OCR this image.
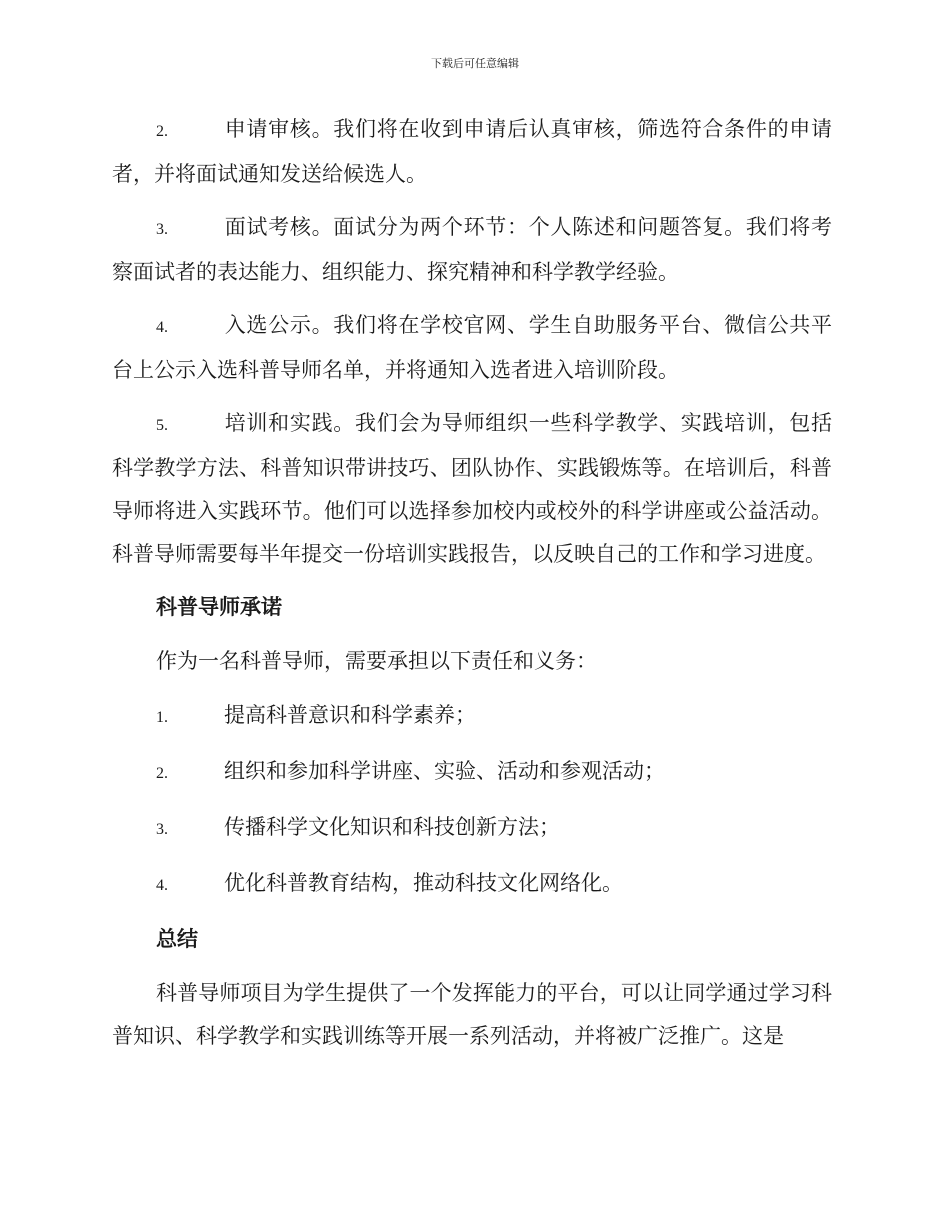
下载后可任意编辑

2.	申请审核。我们将在收到申请后认真审核，筛选符合条件的申请者，并将面试通知发送给候选人。

3.	面试考核。面试分为两个环节：个人陈述和问题答复。我们将考察面试者的表达能力、组织能力、探究精神和科学教学经验。

4.	入选公示。我们将在学校官网、学生自助服务平台、微信公共平台上公示入选科普导师名单，并将通知入选者进入培训阶段。

5.	培训和实践。我们会为导师组织一些科学教学、实践培训，包括科学教学方法、科普知识带讲技巧、团队协作、实践锻炼等。在培训后，科普导师将进入实践环节。他们可以选择参加校内或校外的科学讲座或公益活动。科普导师需要每半年提交一份培训实践报告，以反映自己的工作和学习进度。

科普导师承诺

作为一名科普导师，需要承担以下责任和义务：

1.	提高科普意识和科学素养；
2.	组织和参加科学讲座、实验、活动和参观活动；
3.	传播科学文化知识和科技创新方法；
4.	优化科普教育结构，推动科技文化网络化。
总结

科普导师项目为学生提供了一个发挥能力的平台，可以让同学通过学习科普知识、科学教学和实践训练等开展一系列活动，并将被广泛推广。这是
